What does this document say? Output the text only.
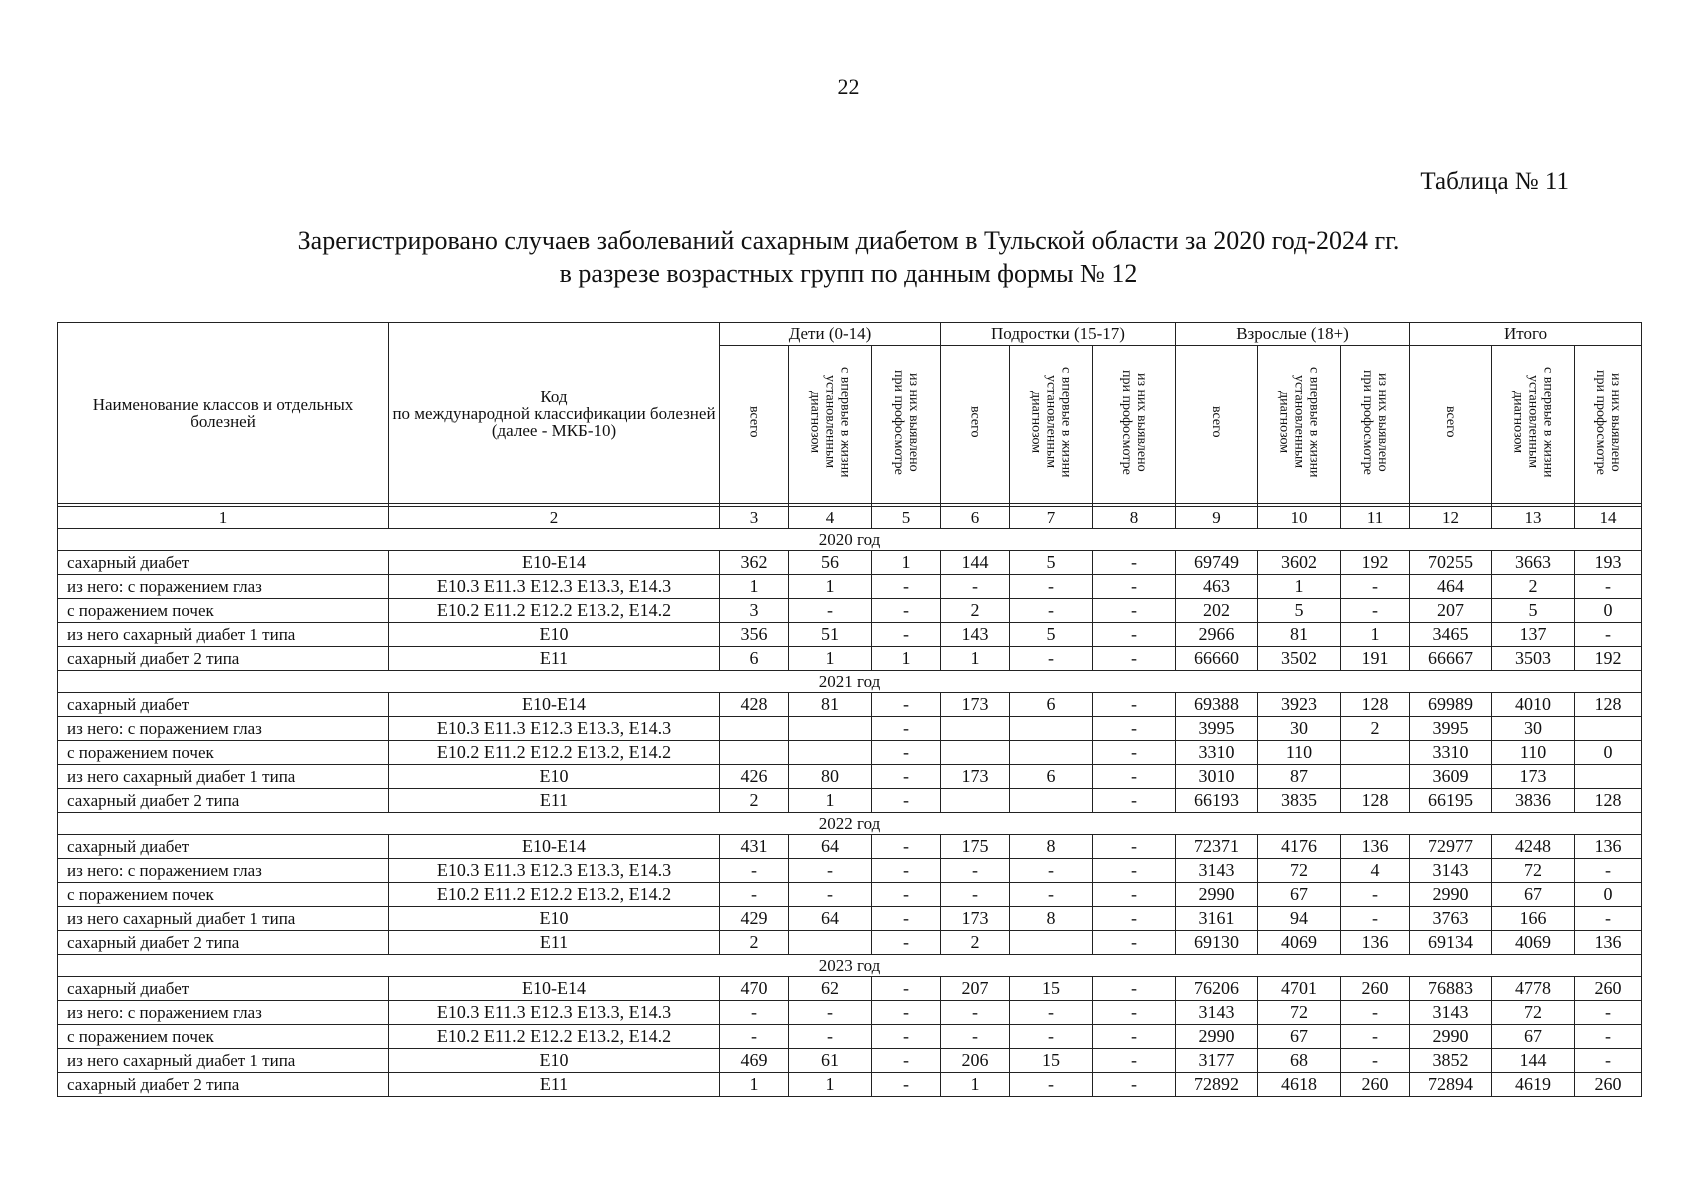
22
Таблица № 11
Зарегистрировано случаев заболеваний сахарным диабетом в Тульской области за 2020 год-2024 гг.
в разрезе возрастных групп по данным формы № 12
Наименование классов и отдельных болезней	Код
по международной классификации болезней
(далее - МКБ-10)	Дети (0-14)			Подростки (15-17)			Взрослые (18+)			Итого		
		всего	с впервые в жизни
установленным
диагнозом	из них выявлено
при профосмотре	всего	с впервые в жизни
установленным
диагнозом	из них выявлено
при профосмотре	всего	с впервые в жизни
установленным
диагнозом	из них выявлено
при профосмотре	всего	с впервые в жизни
установленным
диагнозом	из них выявлено
при профосмотре

1	2	3	4	5	6	7	8	9	10	11	12	13	14
2020 год													
сахарный диабет	E10-E14	362	56	1	144	5	-	69749	3602	192	70255	3663	193
из него: с поражением глаз	E10.3 E11.3 E12.3 E13.3, E14.3	1	1	-	-	-	-	463	1	-	464	2	-
с поражением почек	E10.2 E11.2 E12.2 E13.2, E14.2	3	-	-	2	-	-	202	5	-	207	5	0
из него сахарный диабет 1 типа	E10	356	51	-	143	5	-	2966	81	1	3465	137	-
сахарный диабет 2 типа	E11	6	1	1	1	-	-	66660	3502	191	66667	3503	192
2021 год													
сахарный диабет	E10-E14	428	81	-	173	6	-	69388	3923	128	69989	4010	128
из него: с поражением глаз	E10.3 E11.3 E12.3 E13.3, E14.3			-			-	3995	30	2	3995	30	
с поражением почек	E10.2 E11.2 E12.2 E13.2, E14.2			-			-	3310	110		3310	110	0
из него сахарный диабет 1 типа	E10	426	80	-	173	6	-	3010	87		3609	173	
сахарный диабет 2 типа	E11	2	1	-			-	66193	3835	128	66195	3836	128
2022 год													
сахарный диабет	E10-E14	431	64	-	175	8	-	72371	4176	136	72977	4248	136
из него: с поражением глаз	E10.3 E11.3 E12.3 E13.3, E14.3	-	-	-	-	-	-	3143	72	4	3143	72	-
с поражением почек	E10.2 E11.2 E12.2 E13.2, E14.2	-	-	-	-	-	-	2990	67	-	2990	67	0
из него сахарный диабет 1 типа	E10	429	64	-	173	8	-	3161	94	-	3763	166	-
сахарный диабет 2 типа	E11	2		-	2		-	69130	4069	136	69134	4069	136
2023 год													
сахарный диабет	E10-E14	470	62	-	207	15	-	76206	4701	260	76883	4778	260
из него: с поражением глаз	E10.3 E11.3 E12.3 E13.3, E14.3	-	-	-	-	-	-	3143	72	-	3143	72	-
с поражением почек	E10.2 E11.2 E12.2 E13.2, E14.2	-	-	-	-	-	-	2990	67	-	2990	67	-
из него сахарный диабет 1 типа	E10	469	61	-	206	15	-	3177	68	-	3852	144	-
сахарный диабет 2 типа	E11	1	1	-	1	-	-	72892	4618	260	72894	4619	260
